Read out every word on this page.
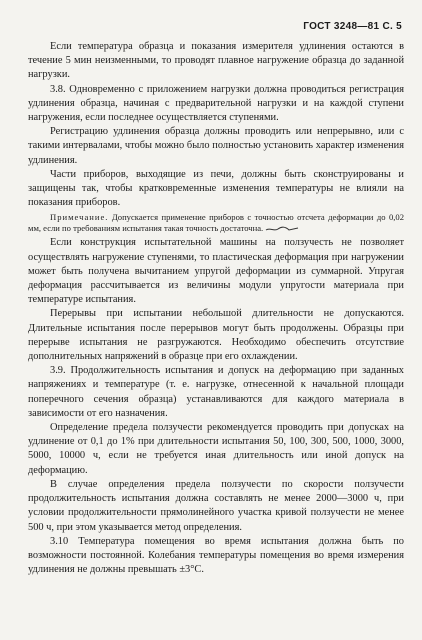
ГОСТ 3248—81 С. 5

Если температура образца и показания измерителя удлинения остаются в течение 5 мин неизменными, то проводят плавное нагружение образца до заданной нагрузки.

3.8. Одновременно с приложением нагрузки должна проводиться регистрация удлинения образца, начиная с предварительной нагрузки и на каждой ступени нагружения, если последнее осуществляется ступенями.

Регистрацию удлинения образца должны проводить или непрерывно, или с такими интервалами, чтобы можно было полностью установить характер изменения удлинения.

Части приборов, выходящие из печи, должны быть сконструированы и защищены так, чтобы кратковременные изменения температуры не влияли на показания приборов.

Примечание. Допускается применение приборов с точностью отсчета деформации до 0,02 мм, если по требованиям испытания такая точность достаточна.

Если конструкция испытательной машины на ползучесть не позволяет осуществлять нагружение ступенями, то пластическая деформация при нагружении может быть получена вычитанием упругой деформации из суммарной. Упругая деформация рассчитывается из величины модули упругости материала при температуре испытания.

Перерывы при испытании небольшой длительности не допускаются. Длительные испытания после перерывов могут быть продолжены. Образцы при перерыве испытания не разгружаются. Необходимо обеспечить отсутствие дополнительных напряжений в образце при его охлаждении.

3.9. Продолжительность испытания и допуск на деформацию при заданных напряжениях и температуре (т. е. нагрузке, отнесенной к начальной площади поперечного сечения образца) устанавливаются для каждого материала в зависимости от его назначения.

Определение предела ползучести рекомендуется проводить при допусках на удлинение от 0,1 до 1% при длительности испытания 50, 100, 300, 500, 1000, 3000, 5000, 10000 ч, если не требуется иная длительность или иной допуск на деформацию.

В случае определения предела ползучести по скорости ползучести продолжительность испытания должна составлять не менее 2000—3000 ч, при условии продолжительности прямолинейного участка кривой ползучести не менее 500 ч, при этом указывается метод определения.

3.10 Температура помещения во время испытания должна быть по возможности постоянной. Колебания температуры помещения во время измерения удлинения не должны превышать ±3°С.
